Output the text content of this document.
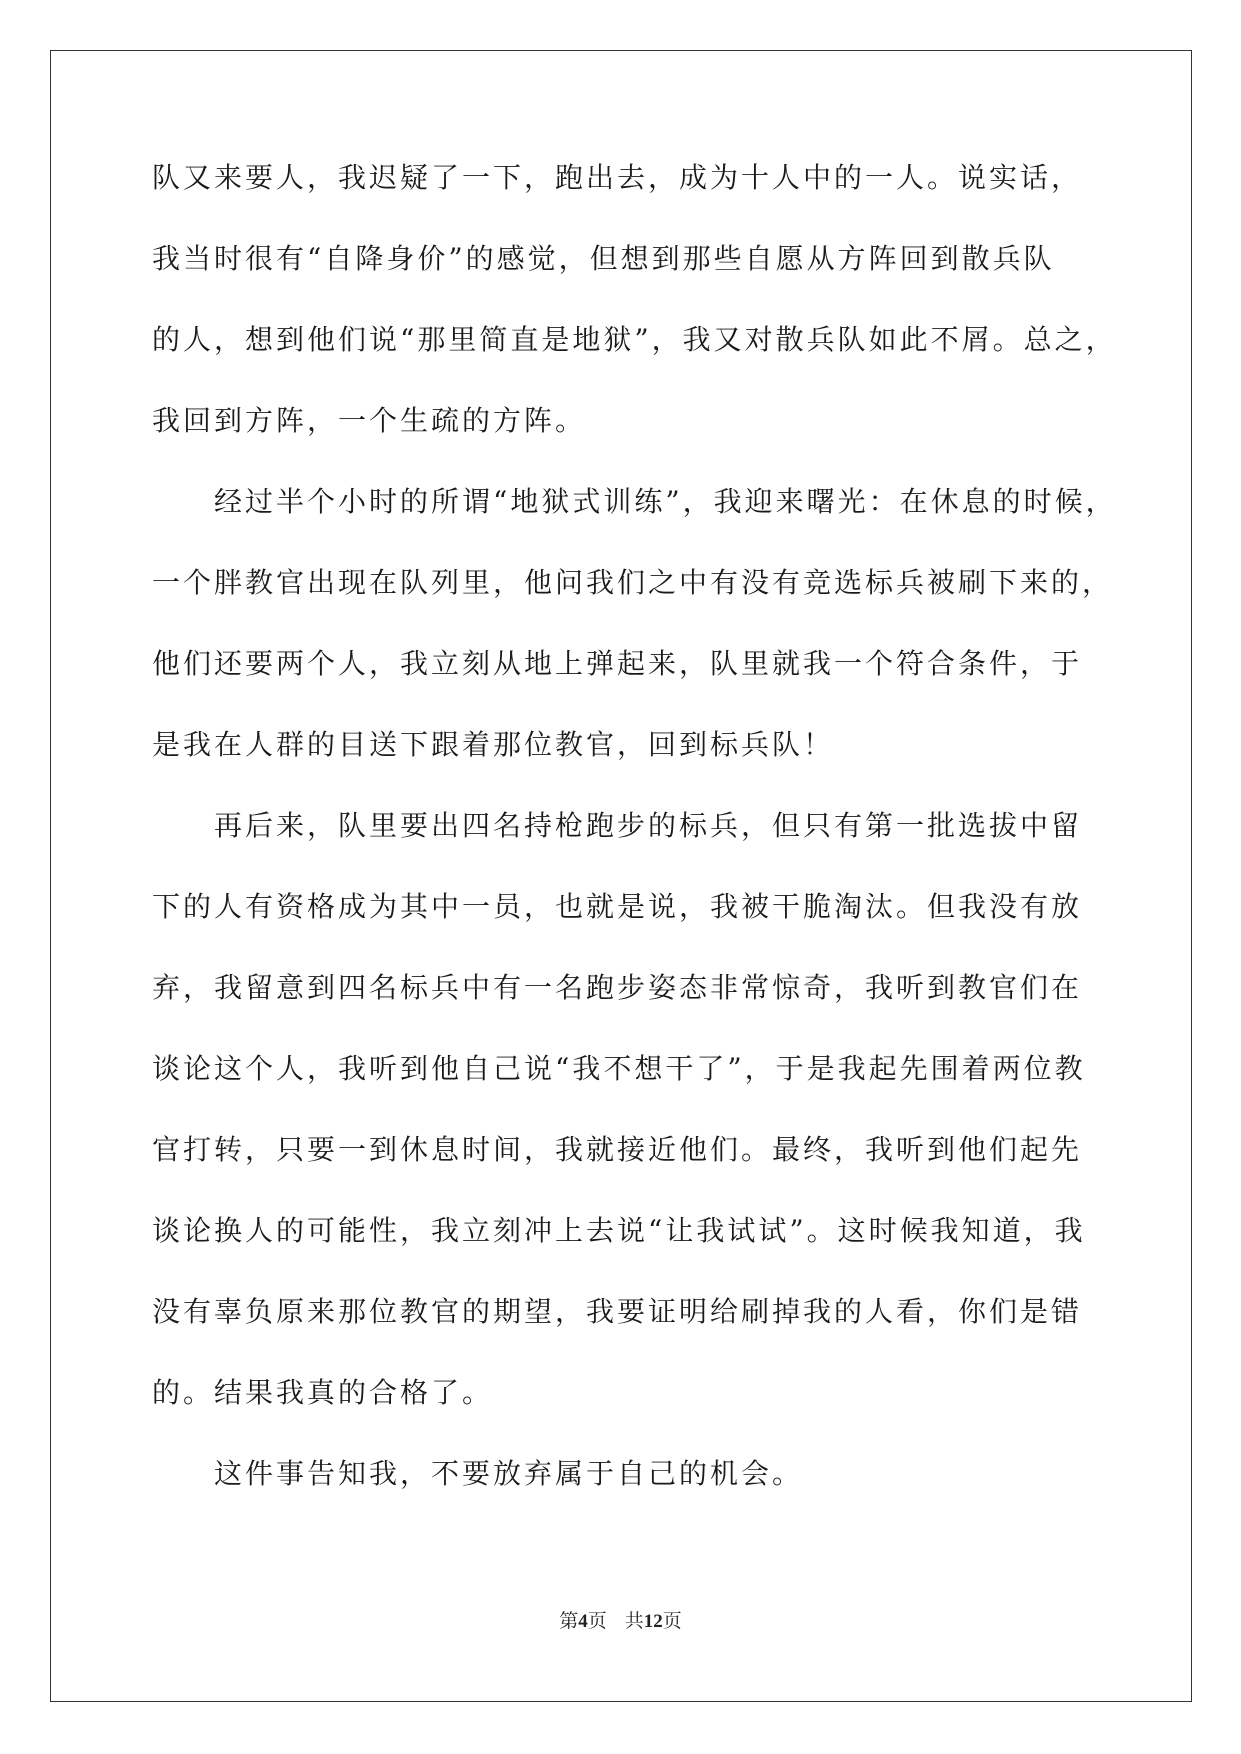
队又来要人，我迟疑了一下，跑出去，成为十人中的一人。说实话，
我当时很有“自降身价”的感觉，但想到那些自愿从方阵回到散兵队
的人，想到他们说“那里简直是地狱”，我又对散兵队如此不屑。总之，
我回到方阵，一个生疏的方阵。
经过半个小时的所谓“地狱式训练”，我迎来曙光：在休息的时候，
一个胖教官出现在队列里，他问我们之中有没有竞选标兵被刷下来的，
他们还要两个人，我立刻从地上弹起来，队里就我一个符合条件，于
是我在人群的目送下跟着那位教官，回到标兵队！
再后来，队里要出四名持枪跑步的标兵，但只有第一批选拔中留
下的人有资格成为其中一员，也就是说，我被干脆淘汰。但我没有放
弃，我留意到四名标兵中有一名跑步姿态非常惊奇，我听到教官们在
谈论这个人，我听到他自己说“我不想干了”，于是我起先围着两位教
官打转，只要一到休息时间，我就接近他们。最终，我听到他们起先
谈论换人的可能性，我立刻冲上去说“让我试试”。这时候我知道，我
没有辜负原来那位教官的期望，我要证明给刷掉我的人看，你们是错
的。结果我真的合格了。
这件事告知我，不要放弃属于自己的机会。
第4页 共12页
